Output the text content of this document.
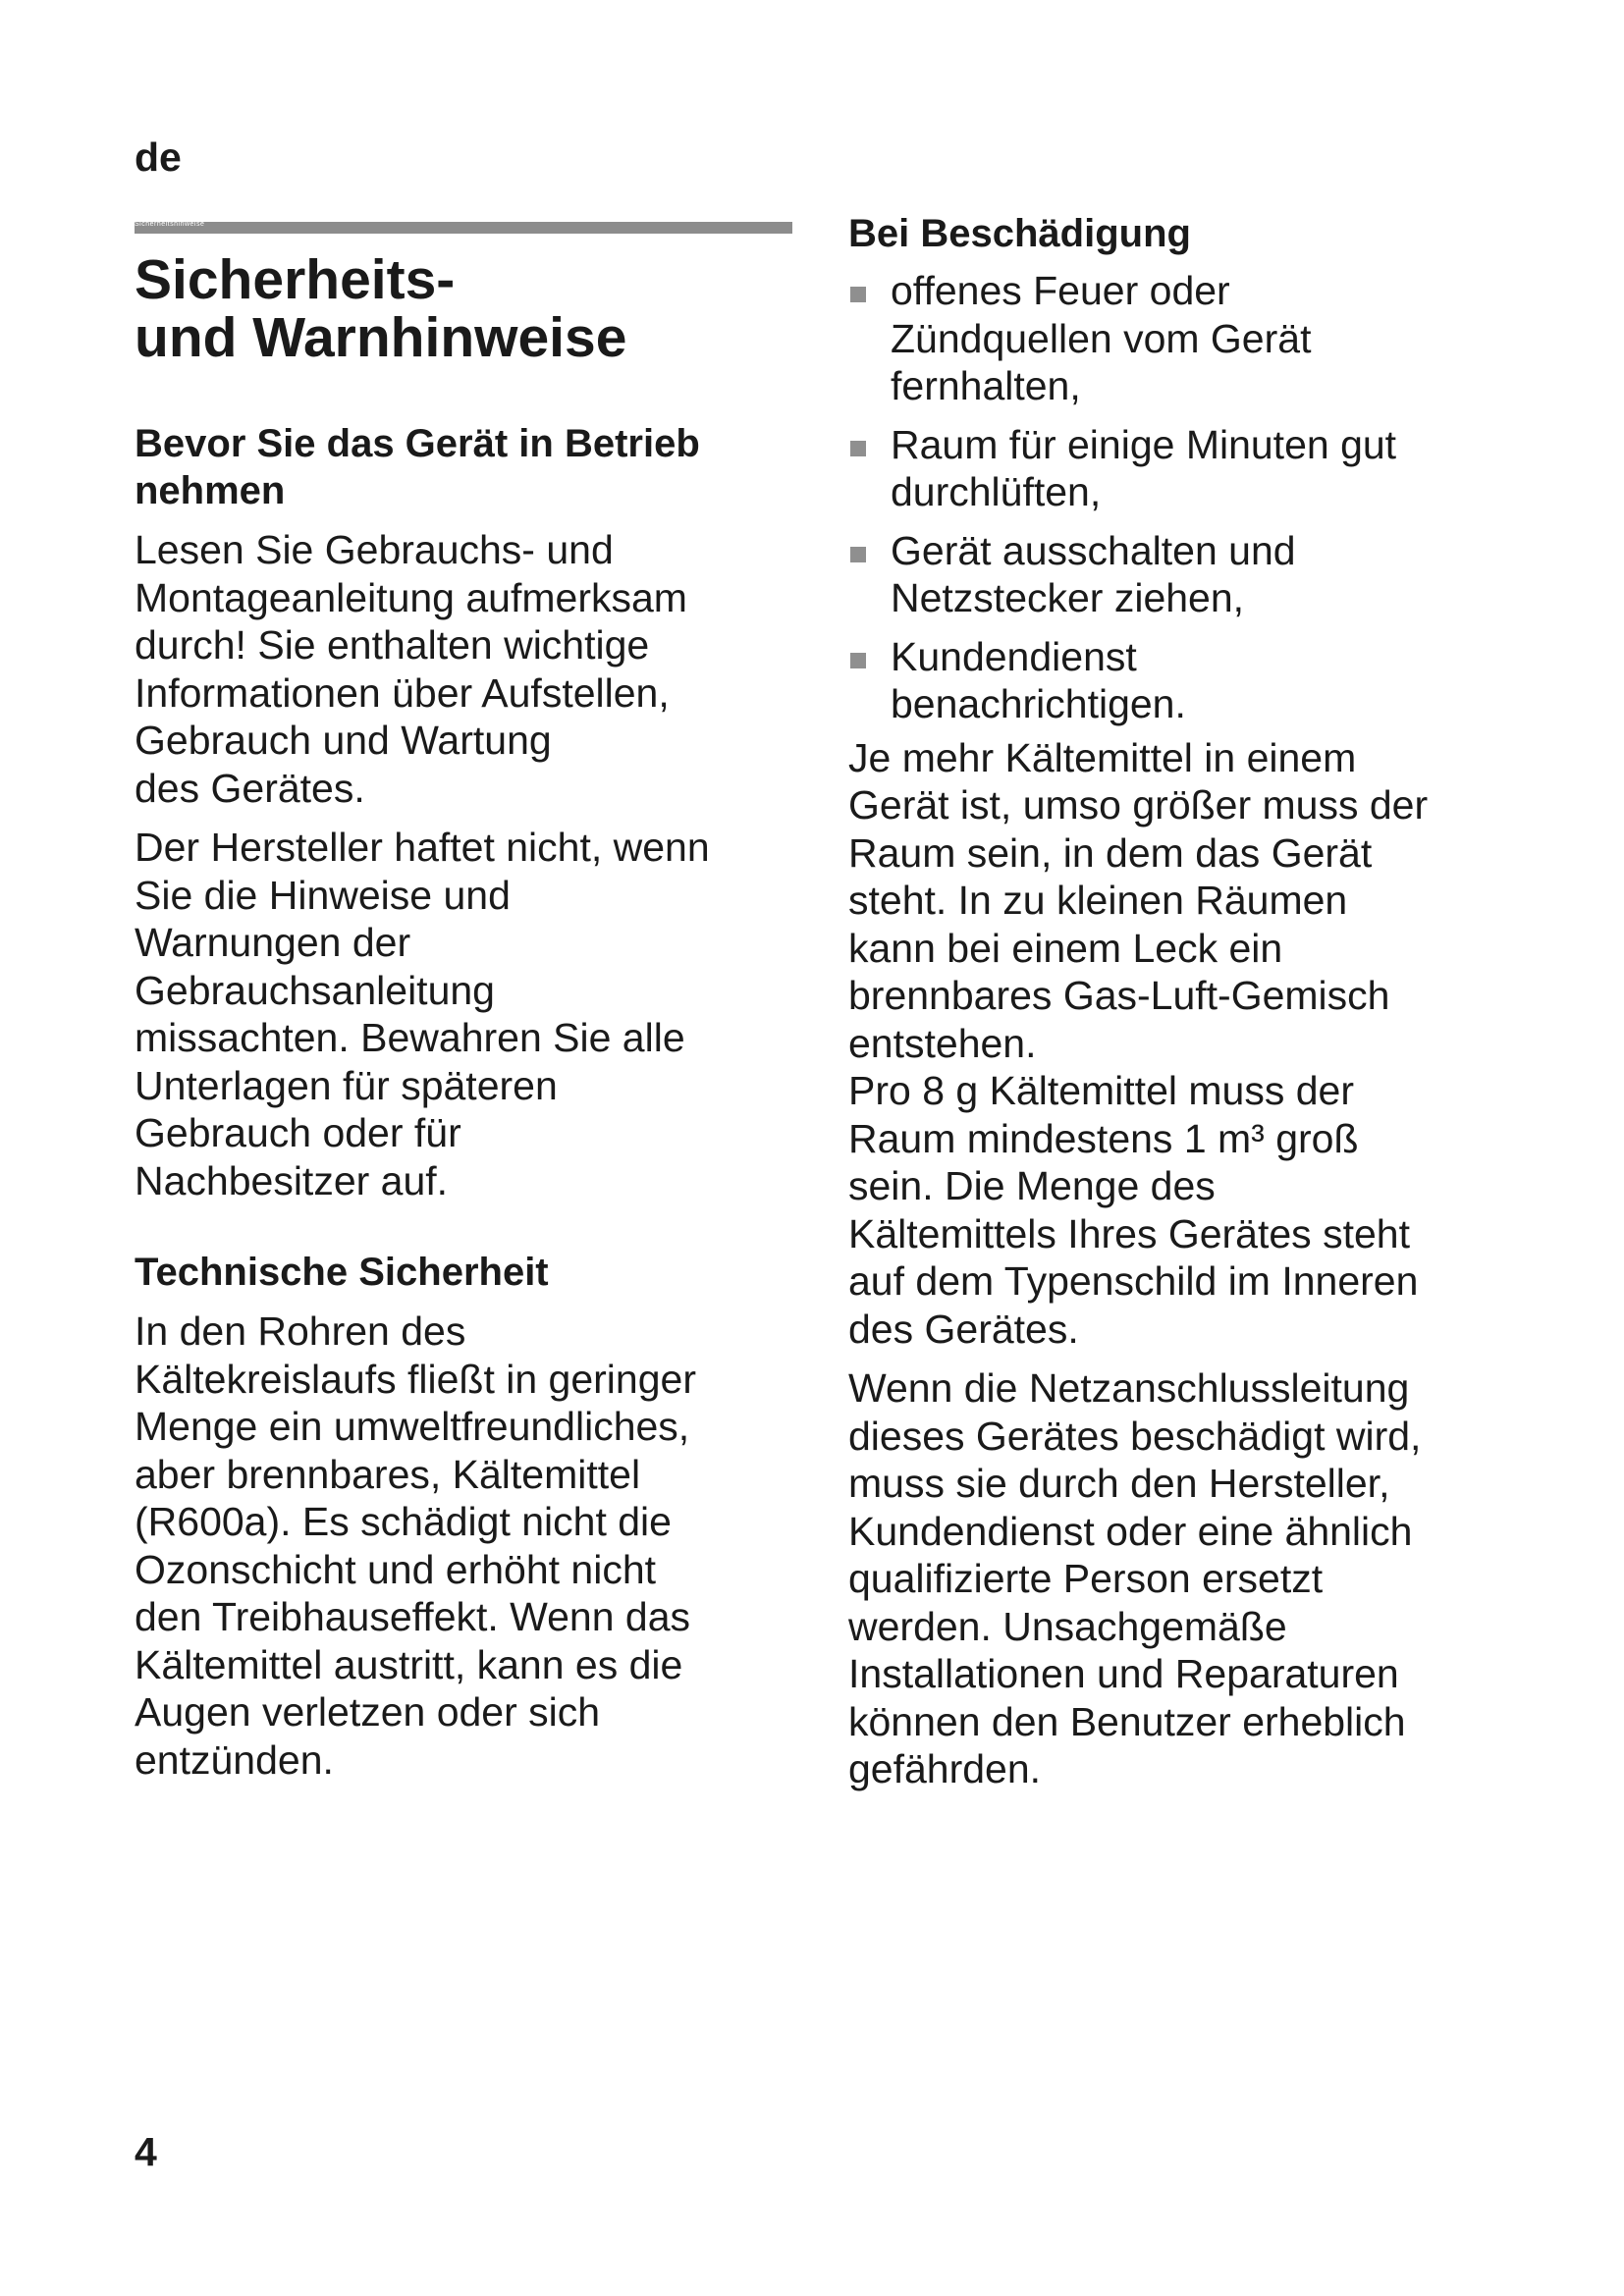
de
Sicherheitshinweise
Sicherheits-
und Warnhinweise
Bevor Sie das Gerät in Betrieb
nehmen

Lesen Sie Gebrauchs- und
Montageanleitung aufmerksam
durch! Sie enthalten wichtige
Informationen über Aufstellen,
Gebrauch und Wartung
des Gerätes.

Der Hersteller haftet nicht, wenn
Sie die Hinweise und
Warnungen der
Gebrauchsanleitung
missachten. Bewahren Sie alle
Unterlagen für späteren
Gebrauch oder für
Nachbesitzer auf.

Technische Sicherheit

In den Rohren des
Kältekreislaufs fließt in geringer
Menge ein umweltfreundliches,
aber brennbares, Kältemittel
(R600a). Es schädigt nicht die
Ozonschicht und erhöht nicht
den Treibhauseffekt. Wenn das
Kältemittel austritt, kann es die
Augen verletzen oder sich
entzünden.

Bei Beschädigung
offenes Feuer oder
Zündquellen vom Gerät
fernhalten,
Raum für einige Minuten gut
durchlüften,
Gerät ausschalten und
Netzstecker ziehen,
Kundendienst
benachrichtigen.

Je mehr Kältemittel in einem
Gerät ist, umso größer muss der
Raum sein, in dem das Gerät
steht. In zu kleinen Räumen
kann bei einem Leck ein
brennbares Gas-Luft-Gemisch
entstehen.

Pro 8 g Kältemittel muss der
Raum mindestens 1 m³ groß
sein. Die Menge des
Kältemittels Ihres Gerätes steht
auf dem Typenschild im Inneren
des Gerätes.

Wenn die Netzanschlussleitung
dieses Gerätes beschädigt wird,
muss sie durch den Hersteller,
Kundendienst oder eine ähnlich
qualifizierte Person ersetzt
werden. Unsachgemäße
Installationen und Reparaturen
können den Benutzer erheblich
gefährden.

4
